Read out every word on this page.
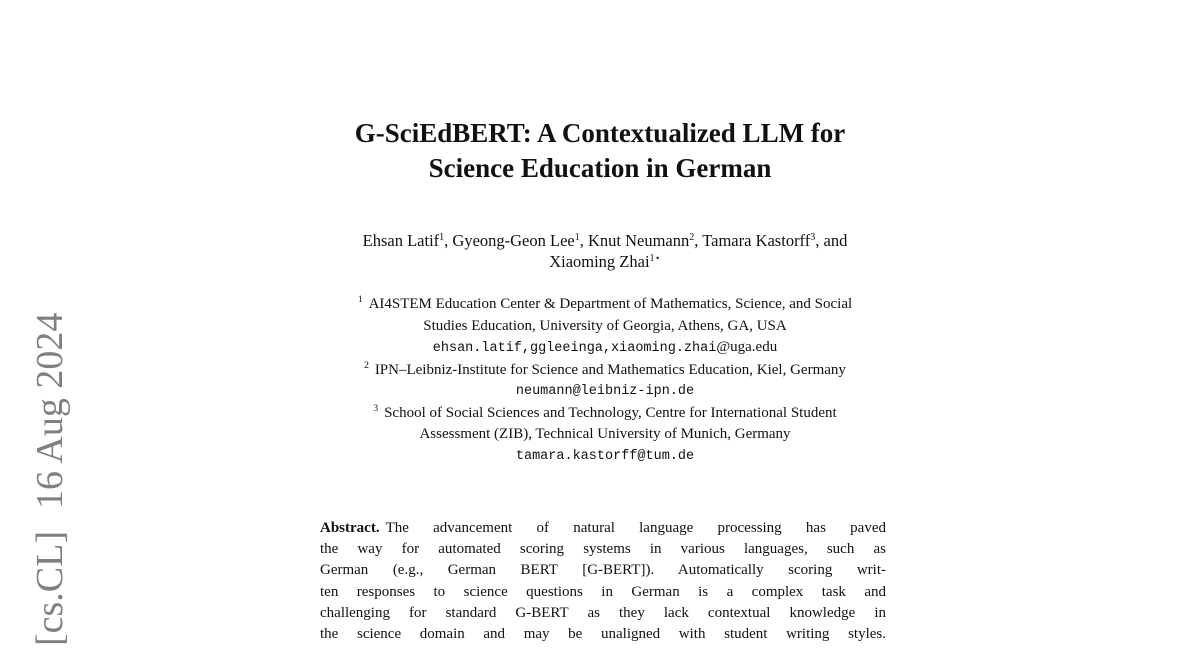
[cs.CL]16 Aug 2024
G-SciEdBERT: A Contextualized LLM for
Science Education in German
Ehsan Latif$^1$, Gyeong-Geon Lee$^1$, Knut Neumann$^2$, Tamara Kastorff$^3$, and
Xiaoming Zhai$^{1⋆}$
$^1$ AI4STEM Education Center & Department of Mathematics, Science, and Social
Studies Education, University of Georgia, Athens, GA, USA
ehsan.latif,ggleeinga,xiaoming.zhai@uga.edu
$^2$ IPN–Leibniz-Institute for Science and Mathematics Education, Kiel, Germany
neumann@leibniz-ipn.de
$^3$ School of Social Sciences and Technology, Centre for International Student
Assessment (ZIB), Technical University of Munich, Germany
tamara.kastorff@tum.de
Abstract. The advancement of natural language processing has paved
the way for automated scoring systems in various languages, such as
German (e.g., German BERT [G-BERT]). Automatically scoring writ-
ten responses to science questions in German is a complex task and
challenging for standard G-BERT as they lack contextual knowledge in
the science domain and may be unaligned with student writing styles.
